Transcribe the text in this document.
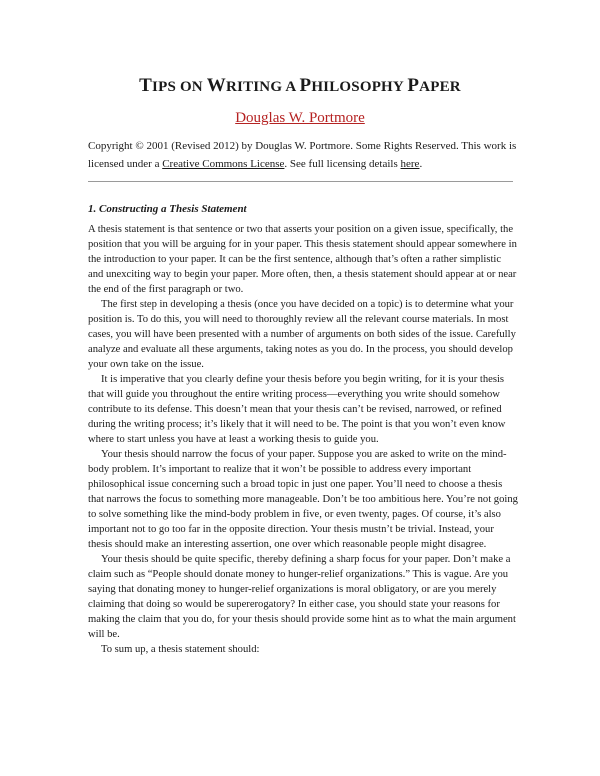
TIPS ON WRITING A PHILOSOPHY PAPER
Douglas W. Portmore
Copyright © 2001 (Revised 2012) by Douglas W. Portmore. Some Rights Reserved. This work is licensed under a Creative Commons License. See full licensing details here.
1. Constructing a Thesis Statement

A thesis statement is that sentence or two that asserts your position on a given issue, specifically, the position that you will be arguing for in your paper. This thesis statement should appear somewhere in the introduction to your paper. It can be the first sentence, although that’s often a rather simplistic and unexciting way to begin your paper. More often, then, a thesis statement should appear at or near the end of the first paragraph or two.

The first step in developing a thesis (once you have decided on a topic) is to determine what your position is. To do this, you will need to thoroughly review all the relevant course materials. In most cases, you will have been presented with a number of arguments on both sides of the issue. Carefully analyze and evaluate all these arguments, taking notes as you do. In the process, you should develop your own take on the issue.

It is imperative that you clearly define your thesis before you begin writing, for it is your thesis that will guide you throughout the entire writing process—everything you write should somehow contribute to its defense. This doesn’t mean that your thesis can’t be revised, narrowed, or refined during the writing process; it’s likely that it will need to be. The point is that you won’t even know where to start unless you have at least a working thesis to guide you.

Your thesis should narrow the focus of your paper. Suppose you are asked to write on the mind-body problem. It’s important to realize that it won’t be possible to address every important philosophical issue concerning such a broad topic in just one paper. You’ll need to choose a thesis that narrows the focus to something more manageable. Don’t be too ambitious here. You’re not going to solve something like the mind-body problem in five, or even twenty, pages. Of course, it’s also important not to go too far in the opposite direction. Your thesis mustn’t be trivial. Instead, your thesis should make an interesting assertion, one over which reasonable people might disagree.

Your thesis should be quite specific, thereby defining a sharp focus for your paper. Don’t make a claim such as “People should donate money to hunger-relief organizations.” This is vague. Are you saying that donating money to hunger-relief organizations is moral obligatory, or are you merely claiming that doing so would be supererogatory? In either case, you should state your reasons for making the claim that you do, for your thesis should provide some hint as to what the main argument will be.

To sum up, a thesis statement should:
